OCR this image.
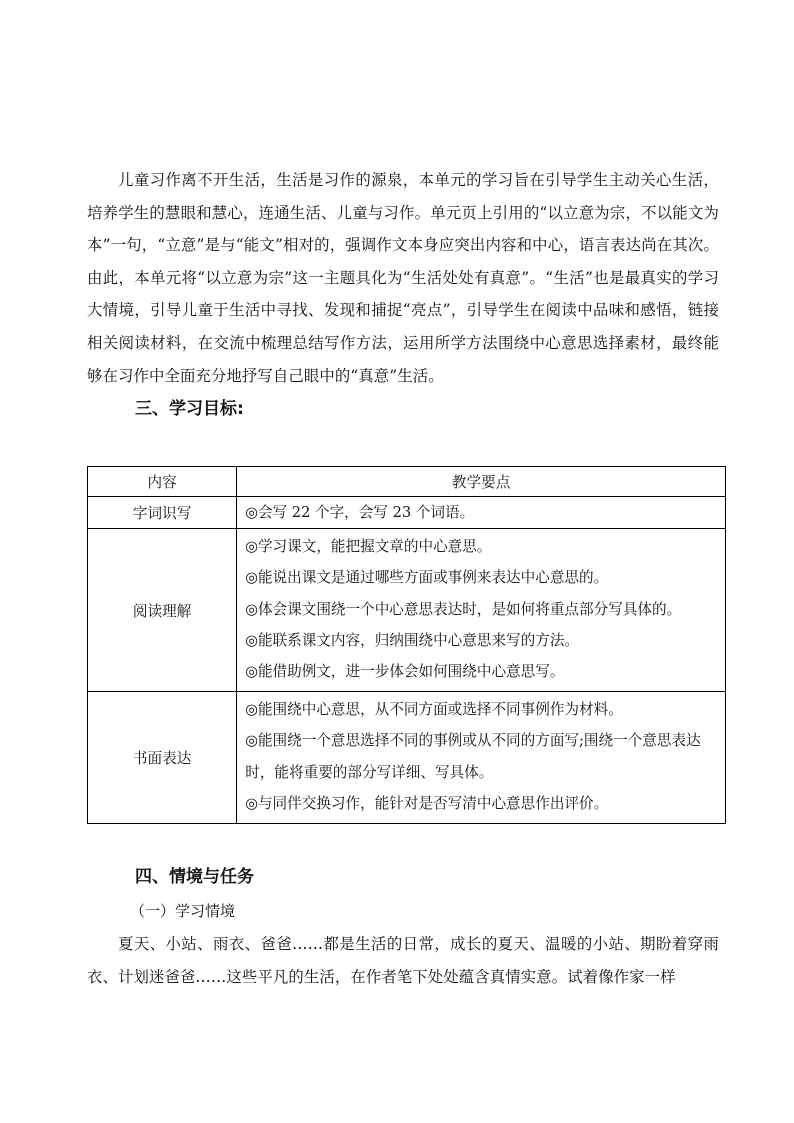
儿童习作离不开生活，生活是习作的源泉，本单元的学习旨在引导学生主动关心生活，培养学生的慧眼和慧心，连通生活、儿童与习作。单元页上引用的“以立意为宗，不以能文为本”一句，“立意”是与“能文”相对的，强调作文本身应突出内容和中心，语言表达尚在其次。由此，本单元将“以立意为宗”这一主题具化为“生活处处有真意”。“生活”也是最真实的学习大情境，引导儿童于生活中寻找、发现和捕捉“亮点”，引导学生在阅读中品味和感悟，链接相关阅读材料，在交流中梳理总结写作方法，运用所学方法围绕中心意思选择素材，最终能够在习作中全面充分地抒写自己眼中的“真意”生活。

三、学习目标:
内容	教学要点
字词识写	◎会写 22 个字，会写 23 个词语。

阅读理解	◎学习课文，能把握文章的中心意思。
◎能说出课文是通过哪些方面或事例来表达中心意思的。
◎体会课文围绕一个中心意思表达时，是如何将重点部分写具体的。
◎能联系课文内容，归纳围绕中心意思来写的方法。
◎能借助例文，进一步体会如何围绕中心意思写。

书面表达	◎能围绕中心意思，从不同方面或选择不同事例作为材料。
◎能围绕一个意思选择不同的事例或从不同的方面写;围绕一个意思表达时，能将重要的部分写详细、写具体。
◎与同伴交换习作，能针对是否写清中心意思作出评价。
四、情境与任务

（一）学习情境

夏天、小站、雨衣、爸爸……都是生活的日常，成长的夏天、温暖的小站、期盼着穿雨衣、计划迷爸爸……这些平凡的生活，在作者笔下处处蕴含真情实意。试着像作家一样
